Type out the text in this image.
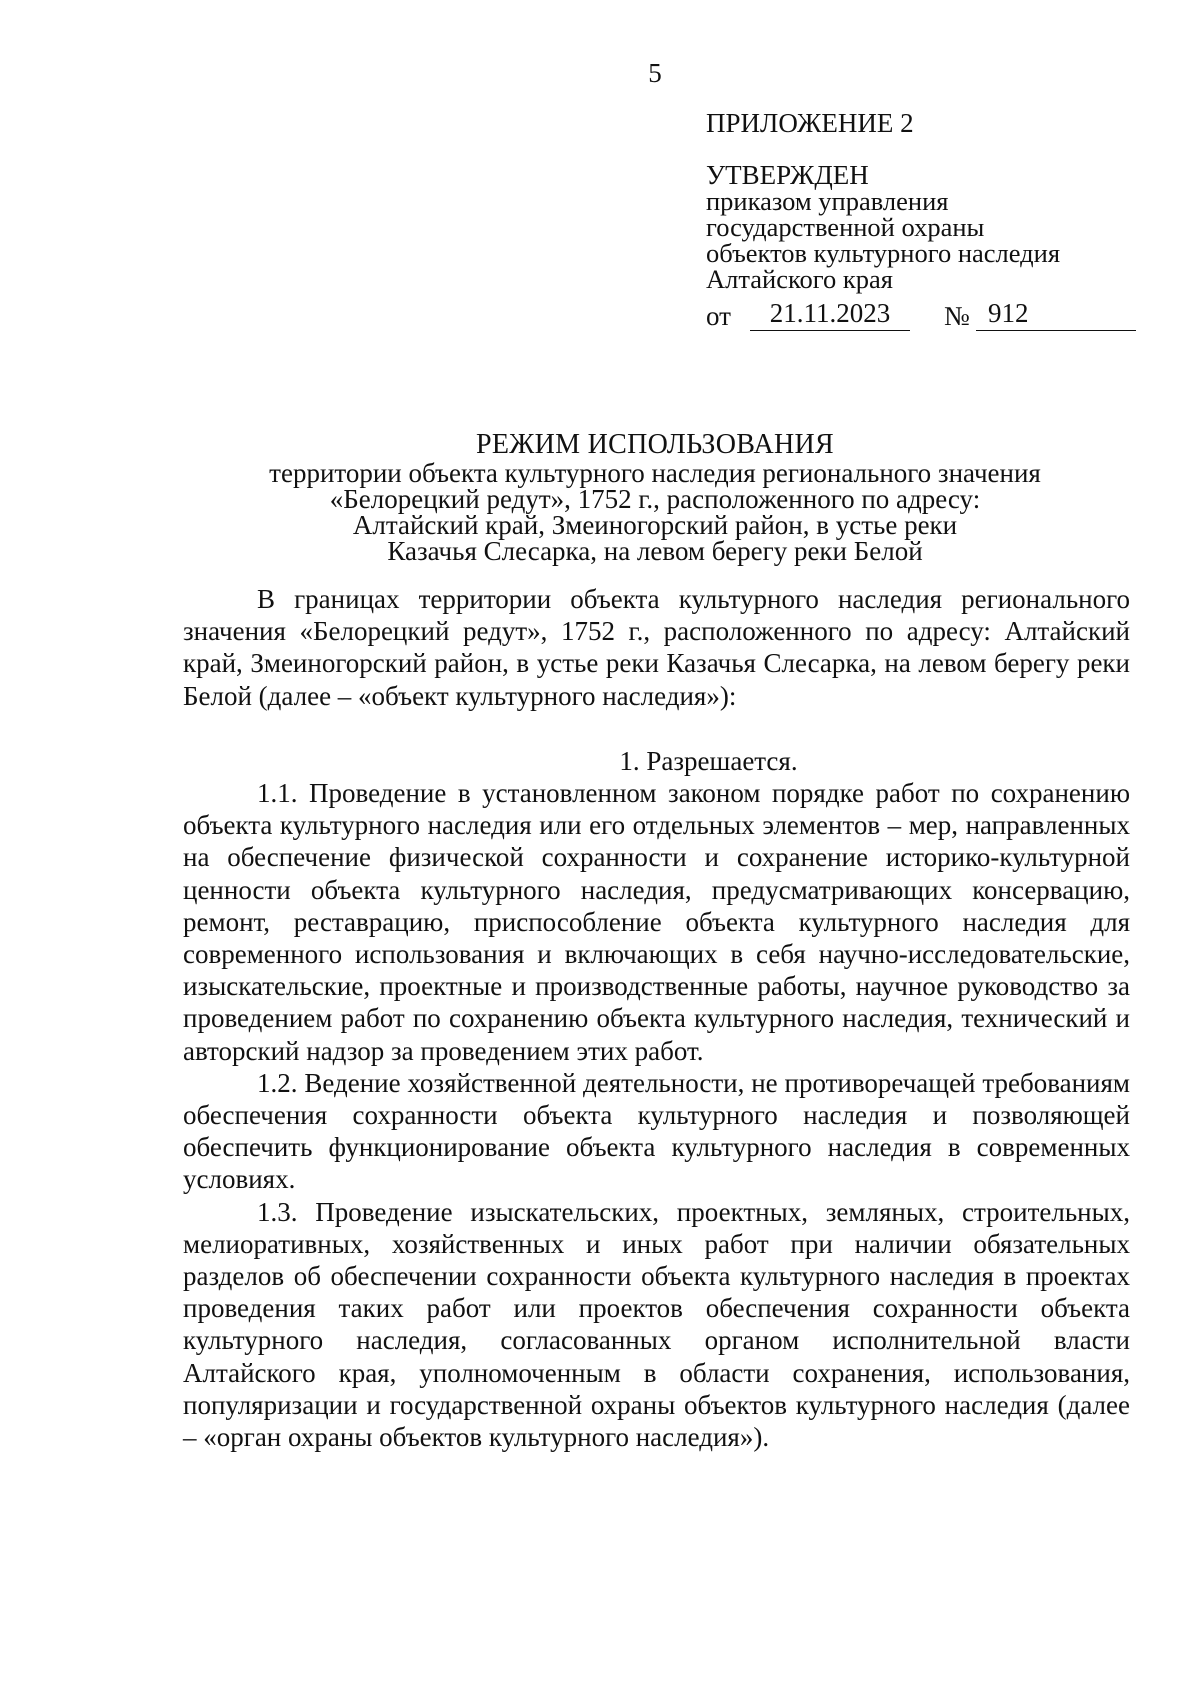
5
ПРИЛОЖЕНИЕ 2
УТВЕРЖДЕН
приказом управления
государственной охраны
объектов культурного наследия
Алтайского края
от	21.11.2023	№ 912
РЕЖИМ ИСПОЛЬЗОВАНИЯ
территории объекта культурного наследия регионального значения
«Белорецкий редут», 1752 г., расположенного по адресу:
Алтайский край, Змеиногорский район, в устье реки
Казачья Слесарка, на левом берегу реки Белой

В границах территории объекта культурного наследия регионального значения «Белорецкий редут», 1752 г., расположенного по адресу: Алтайский край, Змеиногорский район, в устье реки Казачья Слесарка, на левом берегу реки Белой (далее – «объект культурного наследия»):

1. Разрешается.

1.1. Проведение в установленном законом порядке работ по сохранению объекта культурного наследия или его отдельных элементов – мер, направленных на обеспечение физической сохранности и сохранение историко-культурной ценности объекта культурного наследия, предусматривающих консервацию, ремонт, реставрацию, приспособление объекта культурного наследия для современного использования и включающих в себя научно-исследовательские, изыскательские, проектные и производственные работы, научное руководство за проведением работ по сохранению объекта культурного наследия, технический и авторский надзор за проведением этих работ.

1.2. Ведение хозяйственной деятельности, не противоречащей требованиям обеспечения сохранности объекта культурного наследия и позволяющей обеспечить функционирование объекта культурного наследия в современных условиях.

1.3. Проведение изыскательских, проектных, земляных, строительных, мелиоративных, хозяйственных и иных работ при наличии обязательных разделов об обеспечении сохранности объекта культурного наследия в проектах проведения таких работ или проектов обеспечения сохранности объекта культурного наследия, согласованных органом исполнительной власти Алтайского края, уполномоченным в области сохранения, использования, популяризации и государственной охраны объектов культурного наследия (далее – «орган охраны объектов культурного наследия»).
